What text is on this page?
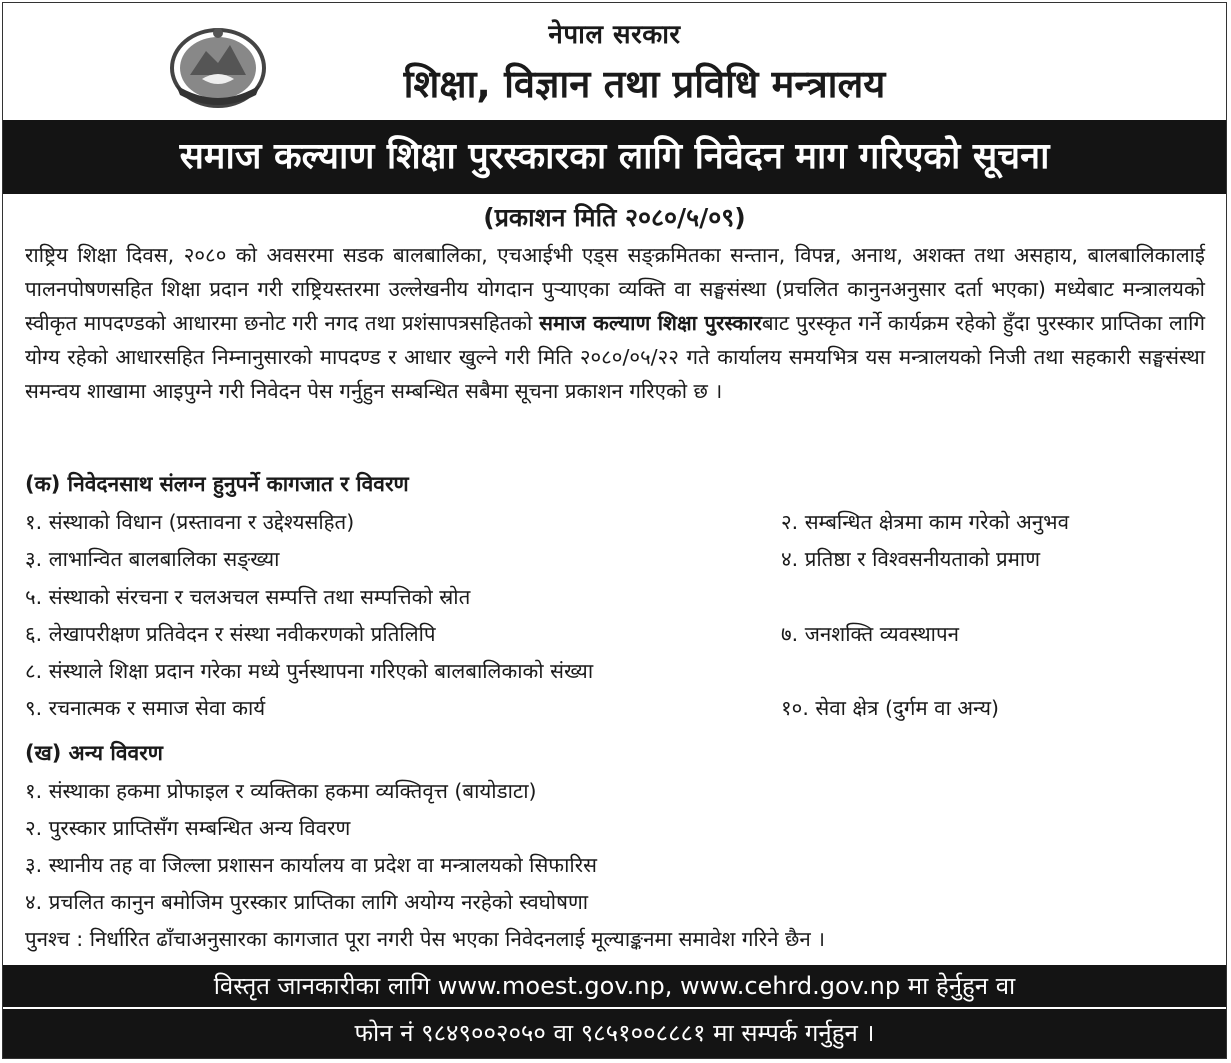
नेपाल सरकार
शिक्षा, विज्ञान तथा प्रविधि मन्त्रालय
समाज कल्याण शिक्षा पुरस्कारका लागि निवेदन माग गरिएको सूचना
(प्रकाशन मिति २०८०/५/०९)
राष्ट्रिय शिक्षा दिवस, २०८० को अवसरमा सडक बालबालिका, एचआईभी एड्स सङ्क्रमितका सन्तान, विपन्न, अनाथ, अशक्त तथा असहाय, बालबालिकालाई पालनपोषणसहित शिक्षा प्रदान गरी राष्ट्रियस्तरमा उल्लेखनीय योगदान पुऱ्याएका व्यक्ति वा सङ्घसंस्था (प्रचलित कानुनअनुसार दर्ता भएका) मध्येबाट मन्त्रालयको स्वीकृत मापदण्डको आधारमा छनोट गरी नगद तथा प्रशंसापत्रसहितको समाज कल्याण शिक्षा पुरस्कारबाट पुरस्कृत गर्ने कार्यक्रम रहेको हुँदा पुरस्कार प्राप्तिका लागि योग्य रहेको आधारसहित निम्नानुसारको मापदण्ड र आधार खुल्ने गरी मिति २०८०/०५/२२ गते कार्यालय समयभित्र यस मन्त्रालयको निजी तथा सहकारी सङ्घसंस्था समन्वय शाखामा आइपुग्ने गरी निवेदन पेस गर्नुहुन सम्बन्धित सबैमा सूचना प्रकाशन गरिएको छ ।
(क) निवेदनसाथ संलग्न हुनुपर्ने कागजात र विवरण
१. संस्थाको विधान (प्रस्तावना र उद्देश्यसहित)	२. सम्बन्धित क्षेत्रमा काम गरेको अनुभव
३. लाभान्वित बालबालिका सङ्ख्या	४. प्रतिष्ठा र विश्वसनीयताको प्रमाण
५. संस्थाको संरचना र चलअचल सम्पत्ति तथा सम्पत्तिको स्रोत
६. लेखापरीक्षण प्रतिवेदन र संस्था नवीकरणको प्रतिलिपि	७. जनशक्ति व्यवस्थापन
८. संस्थाले शिक्षा प्रदान गरेका मध्ये पुर्नस्थापना गरिएको बालबालिकाको संख्या
९. रचनात्मक र समाज सेवा कार्य	१०. सेवा क्षेत्र (दुर्गम वा अन्य)
(ख) अन्य विवरण
१. संस्थाका हकमा प्रोफाइल र व्यक्तिका हकमा व्यक्तिवृत्त (बायोडाटा)
२. पुरस्कार प्राप्तिसँग सम्बन्धित अन्य विवरण
३. स्थानीय तह वा जिल्ला प्रशासन कार्यालय वा प्रदेश वा मन्त्रालयको सिफारिस
४. प्रचलित कानुन बमोजिम पुरस्कार प्राप्तिका लागि अयोग्य नरहेको स्वघोषणा
पुनश्च : निर्धारित ढाँचाअनुसारका कागजात पूरा नगरी पेस भएका निवेदनलाई मूल्याङ्कनमा समावेश गरिने छैन ।
विस्तृत जानकारीका लागि www.moest.gov.np, www.cehrd.gov.np मा हेर्नुहुन वा
फोन नं ९८४९००२०५० वा ९८५१००८८८१ मा सम्पर्क गर्नुहुन ।
